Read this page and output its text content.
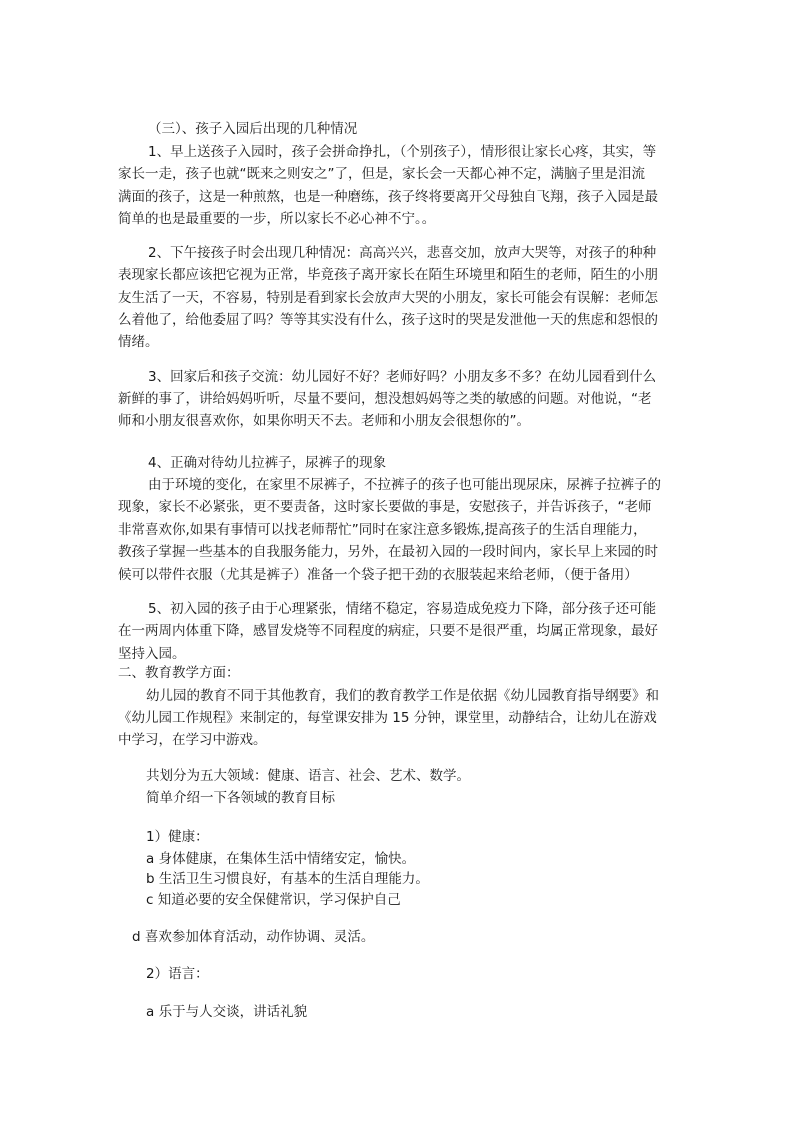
（三）、孩子入园后出现的几种情况
1、早上送孩子入园时，孩子会拼命挣扎，（个别孩子），情形很让家长心疼，其实，等
家长一走，孩子也就“既来之则安之”了，但是，家长会一天都心神不定，满脑子里是泪流
满面的孩子，这是一种煎熬，也是一种磨练，孩子终将要离开父母独自飞翔，孩子入园是最
简单的也是最重要的一步，所以家长不必心神不宁。。
2、下午接孩子时会出现几种情况：高高兴兴，悲喜交加，放声大哭等，对孩子的种种
表现家长都应该把它视为正常，毕竟孩子离开家长在陌生环境里和陌生的老师，陌生的小朋
友生活了一天，不容易，特别是看到家长会放声大哭的小朋友，家长可能会有误解：老师怎
么着他了，给他委屈了吗？等等其实没有什么，孩子这时的哭是发泄他一天的焦虑和怨恨的
情绪。
3、回家后和孩子交流：幼儿园好不好？老师好吗？小朋友多不多？在幼儿园看到什么
新鲜的事了，讲给妈妈听听，尽量不要问，想没想妈妈等之类的敏感的问题。对他说，“老
师和小朋友很喜欢你，如果你明天不去。老师和小朋友会很想你的”。
4、正确对待幼儿拉裤子，尿裤子的现象
由于环境的变化，在家里不尿裤子，不拉裤子的孩子也可能出现尿床，尿裤子拉裤子的
现象，家长不必紧张，更不要责备，这时家长要做的事是，安慰孩子，并告诉孩子，“老师
非常喜欢你,如果有事情可以找老师帮忙”同时在家注意多锻炼,提高孩子的生活自理能力，
教孩子掌握一些基本的自我服务能力，另外，在最初入园的一段时间内，家长早上来园的时
候可以带件衣服（尤其是裤子）准备一个袋子把干劲的衣服装起来给老师，（便于备用）
5、初入园的孩子由于心理紧张，情绪不稳定，容易造成免疫力下降，部分孩子还可能
在一两周内体重下降，感冒发烧等不同程度的病症，只要不是很严重，均属正常现象，最好
坚持入园。
二、教育教学方面：
幼儿园的教育不同于其他教育，我们的教育教学工作是依据《幼儿园教育指导纲要》和
《幼儿园工作规程》来制定的，每堂课安排为 15 分钟，课堂里，动静结合，让幼儿在游戏
中学习，在学习中游戏。
共划分为五大领域：健康、语言、社会、艺术、数学。
简单介绍一下各领域的教育目标
1）健康：
a 身体健康，在集体生活中情绪安定，愉快。
b 生活卫生习惯良好，有基本的生活自理能力。
c 知道必要的安全保健常识，学习保护自己
d 喜欢参加体育活动，动作协调、灵活。
2）语言：
a 乐于与人交谈，讲话礼貌
